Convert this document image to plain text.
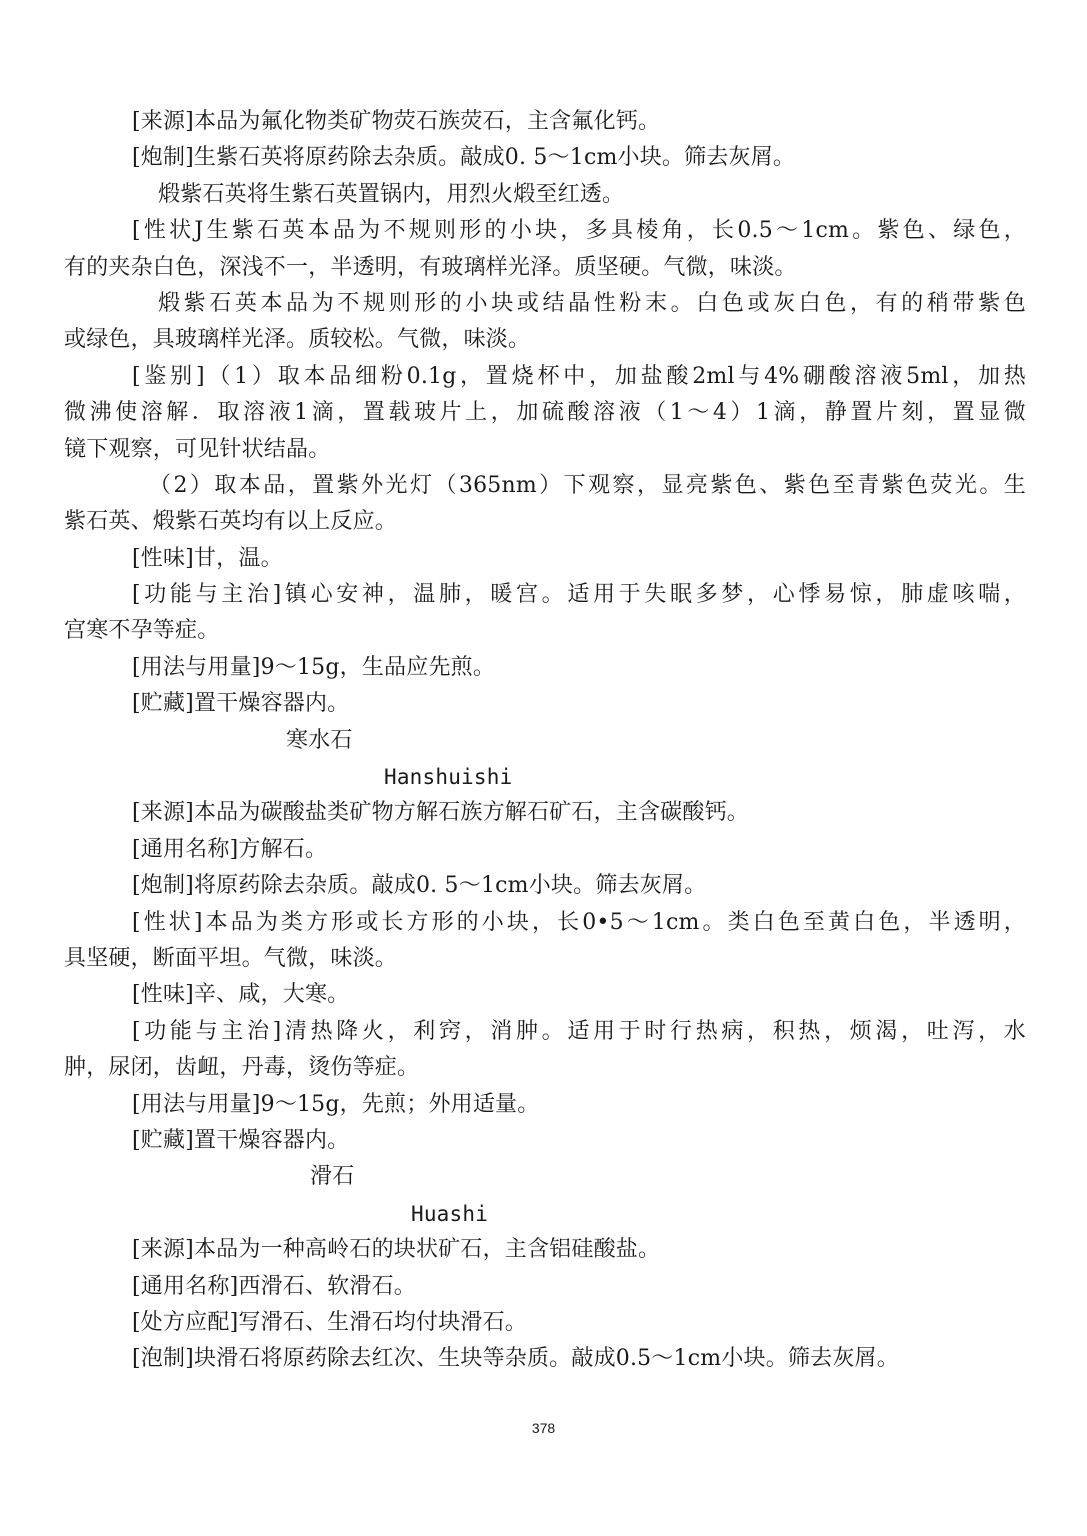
[来源]本品为氟化物类矿物荧石族荧石，主含氟化钙。
[炮制]生紫石英将原药除去杂质。敲成0. 5～1cm小块。筛去灰屑。
煅紫石英将生紫石英置锅内，用烈火煅至红透。
[性状J生紫石英本品为不规则形的小块，多具棱角，长0.5～1cm。紫色、绿色，
有的夹杂白色，深浅不一，半透明，有玻璃样光泽。质坚硬。气微，味淡。
煅紫石英本品为不规则形的小块或结晶性粉末。白色或灰白色，有的稍带紫色
或绿色，具玻璃样光泽。质较松。气微，味淡。
[鉴别]（1）取本品细粉0.1g，置烧杯中，加盐酸2ml与4%硼酸溶液5ml，加热
微沸使溶解．取溶液1滴，置载玻片上，加硫酸溶液（1～4）1滴，静置片刻，置显微
镜下观察，可见针状结晶。
（2）取本品，置紫外光灯（365nm）下观察，显亮紫色、紫色至青紫色荧光。生
紫石英、煅紫石英均有以上反应。
[性味]甘，温。
[功能与主治]镇心安神，温肺，暖宫。适用于失眠多梦，心悸易惊，肺虚咳喘，
宫寒不孕等症。
[用法与用量]9～15g，生品应先煎。
[贮藏]置干燥容器内。
寒水石
Hanshuishi
[来源]本品为碳酸盐类矿物方解石族方解石矿石，主含碳酸钙。
[通用名称]方解石。
[炮制]将原药除去杂质。敲成0. 5～1cm小块。筛去灰屑。
[性状]本品为类方形或长方形的小块，长0•5～1cm。类白色至黄白色，半透明，
具坚硬，断面平坦。气微，味淡。
[性味]辛、咸，大寒。
[功能与主治]清热降火，利窍，消肿。适用于时行热病，积热，烦渴，吐泻，水
肿，尿闭，齿衄，丹毒，烫伤等症。
[用法与用量]9～15g，先煎；外用适量。
[贮藏]置干燥容器内。
滑石
Huashi
[来源]本品为一种高岭石的块状矿石，主含铝硅酸盐。
[通用名称]西滑石、软滑石。
[处方应配]写滑石、生滑石均付块滑石。
[泡制]块滑石将原药除去红次、生块等杂质。敲成0.5～1cm小块。筛去灰屑。
378
